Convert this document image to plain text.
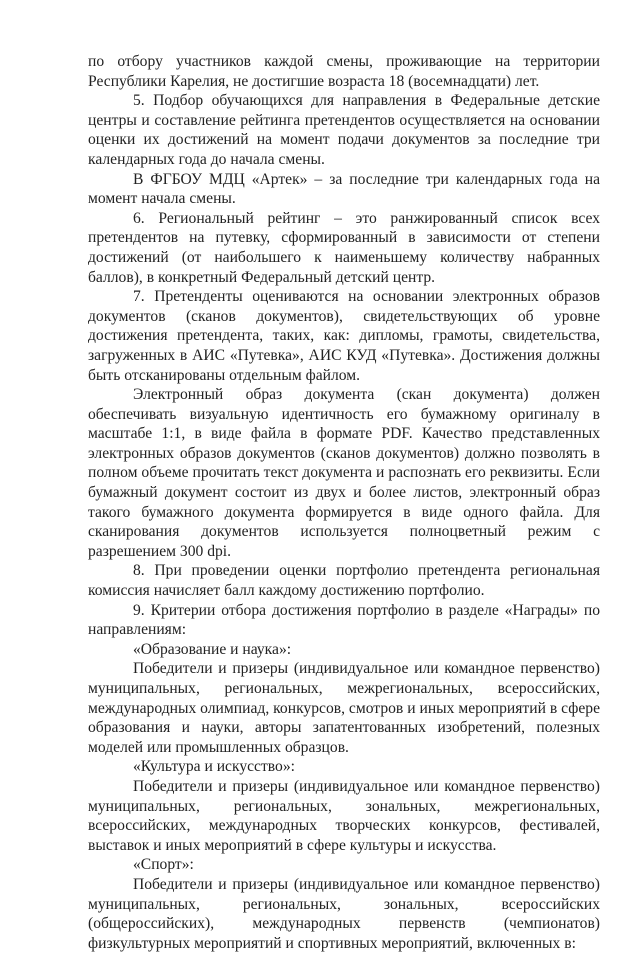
по отбору участников каждой смены, проживающие на территории Республики Карелия, не достигшие возраста 18 (восемнадцати) лет.

5. Подбор обучающихся для направления в Федеральные детские центры и составление рейтинга претендентов осуществляется на основании оценки их достижений на момент подачи документов за последние три календарных года до начала смены.

В ФГБОУ МДЦ «Артек» – за последние три календарных года на момент начала смены.

6. Региональный рейтинг – это ранжированный список всех претендентов на путевку, сформированный в зависимости от степени достижений (от наибольшего к наименьшему количеству набранных баллов), в конкретный Федеральный детский центр.

7. Претенденты оцениваются на основании электронных образов документов (сканов документов), свидетельствующих об уровне достижения претендента, таких, как: дипломы, грамоты, свидетельства, загруженных в АИС «Путевка», АИС КУД «Путевка». Достижения должны быть отсканированы отдельным файлом.

Электронный образ документа (скан документа) должен обеспечивать визуальную идентичность его бумажному оригиналу в масштабе 1:1, в виде файла в формате PDF. Качество представленных электронных образов документов (сканов документов) должно позволять в полном объеме прочитать текст документа и распознать его реквизиты. Если бумажный документ состоит из двух и более листов, электронный образ такого бумажного документа формируется в виде одного файла. Для сканирования документов используется полноцветный режим с разрешением 300 dpi.

8. При проведении оценки портфолио претендента региональная комиссия начисляет балл каждому достижению портфолио.

9. Критерии отбора достижения портфолио в разделе «Награды» по направлениям:

«Образование и наука»:

Победители и призеры (индивидуальное или командное первенство) муниципальных, региональных, межрегиональных, всероссийских, международных олимпиад, конкурсов, смотров и иных мероприятий в сфере образования и науки, авторы запатентованных изобретений, полезных моделей или промышленных образцов.

«Культура и искусство»:

Победители и призеры (индивидуальное или командное первенство) муниципальных, региональных, зональных, межрегиональных, всероссийских, международных творческих конкурсов, фестивалей, выставок и иных мероприятий в сфере культуры и искусства.

«Спорт»:

Победители и призеры (индивидуальное или командное первенство) муниципальных, региональных, зональных, всероссийских (общероссийских), международных первенств (чемпионатов) физкультурных мероприятий и спортивных мероприятий, включенных в:
